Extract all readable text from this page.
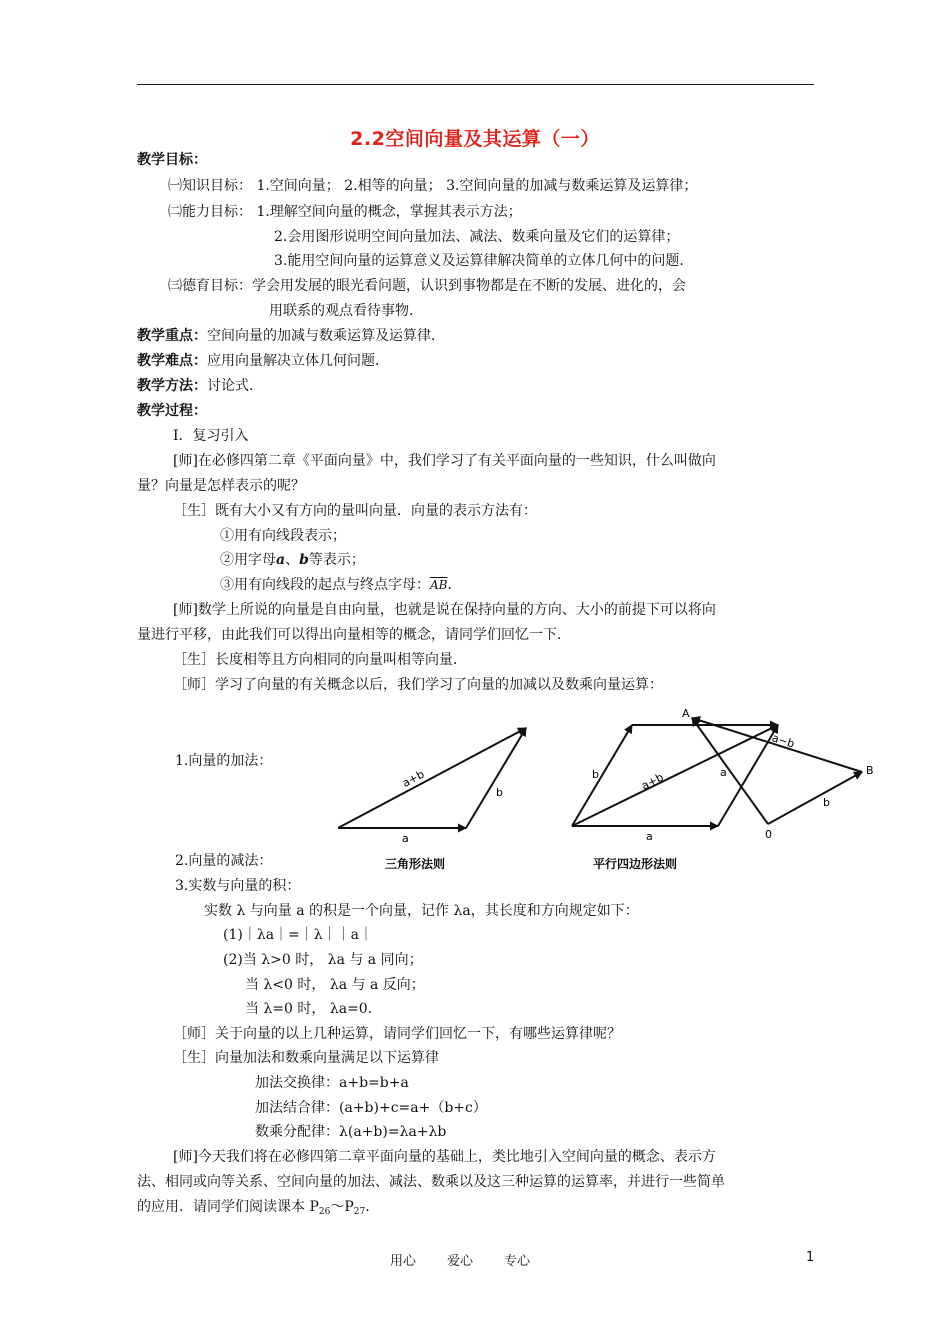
2.2空间向量及其运算（一）
教学目标：
㈠知识目标： 1.空间向量； 2.相等的向量； 3.空间向量的加减与数乘运算及运算律；
㈡能力目标： 1.理解空间向量的概念，掌握其表示方法；
2.会用图形说明空间向量加法、减法、数乘向量及它们的运算律；
3.能用空间向量的运算意义及运算律解决简单的立体几何中的问题．
㈢德育目标：学会用发展的眼光看问题，认识到事物都是在不断的发展、进化的，会
用联系的观点看待事物．
教学重点：空间向量的加减与数乘运算及运算律．
教学难点：应用向量解决立体几何问题．
教学方法：讨论式．
教学过程：
Ⅰ．复习引入
[师]在必修四第二章《平面向量》中，我们学习了有关平面向量的一些知识，什么叫做向
量？向量是怎样表示的呢？
［生］既有大小又有方向的量叫向量．向量的表示方法有：
①用有向线段表示；
②用字母a、b等表示；
③用有向线段的起点与终点字母：$\overline{AB}$．
[师]数学上所说的向量是自由向量，也就是说在保持向量的方向、大小的前提下可以将向
量进行平移，由此我们可以得出向量相等的概念，请同学们回忆一下．
［生］长度相等且方向相同的向量叫相等向量．
［师］学习了向量的有关概念以后，我们学习了向量的加减以及数乘向量运算：
1.向量的加法：
a
b
a+b
三角形法则
a
b	a
a+b
a−b
b
A
B
0
平行四边形法则
2.向量的减法：
3.实数与向量的积：
实数 λ 与向量 a 的积是一个向量，记作 λa，其长度和方向规定如下：
(1)｜λa｜=｜λ｜｜a｜
(2)当 λ>0 时， λa 与 a 同向；
当 λ<0 时， λa 与 a 反向；
当 λ=0 时， λa=0.
［师］关于向量的以上几种运算，请同学们回忆一下，有哪些运算律呢？
［生］向量加法和数乘向量满足以下运算律
加法交换律：a+b=b+a
加法结合律：(a+b)+c=a+（b+c）
数乘分配律：λ(a+b)=λa+λb
[师]今天我们将在必修四第二章平面向量的基础上，类比地引入空间向量的概念、表示方
法、相同或向等关系、空间向量的加法、减法、数乘以及这三种运算的运算率，并进行一些简单
的应用．请同学们阅读课本 $P_{26}\sim P_{27}$.
用心 爱心 专心	1
